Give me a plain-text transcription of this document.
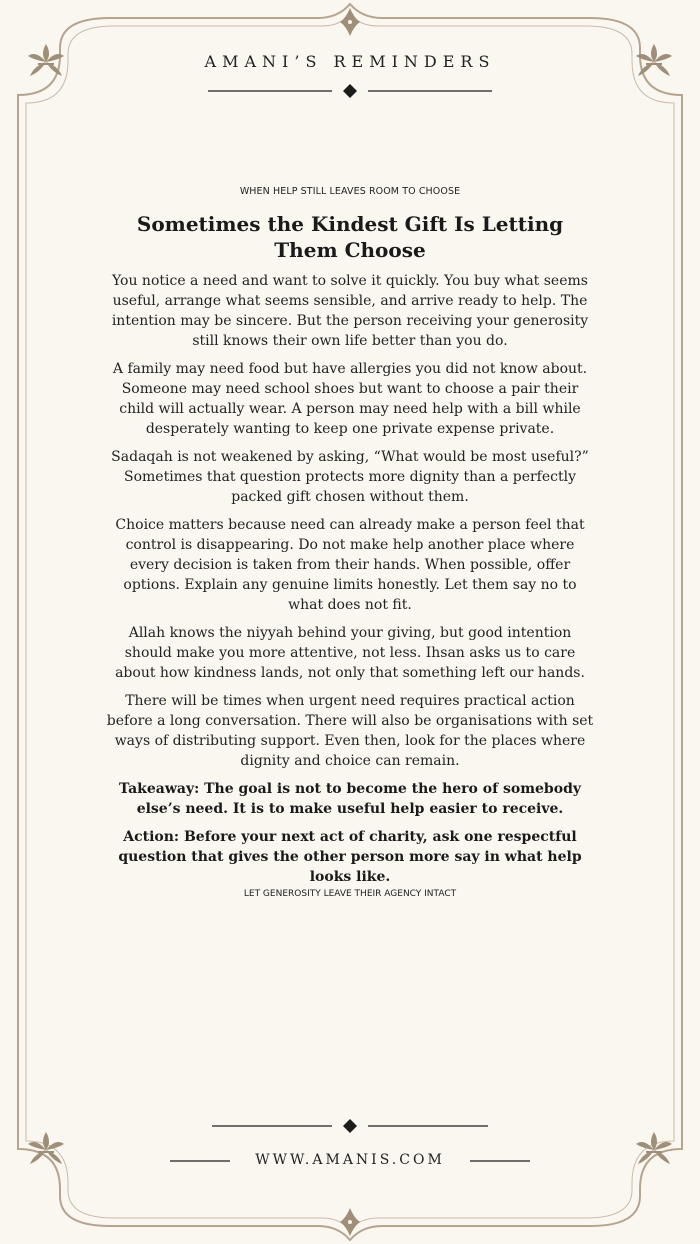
AMANI’S REMINDERS
WHEN HELP STILL LEAVES ROOM TO CHOOSE
Sometimes the Kindest Gift Is Letting Them Choose

You notice a need and want to solve it quickly. You buy what seems useful, arrange what seems sensible, and arrive ready to help. The intention may be sincere. But the person receiving your generosity still knows their own life better than you do.

A family may need food but have allergies you did not know about. Someone may need school shoes but want to choose a pair their child will actually wear. A person may need help with a bill while desperately wanting to keep one private expense private.

Sadaqah is not weakened by asking, “What would be most useful?” Sometimes that question protects more dignity than a perfectly packed gift chosen without them.

Choice matters because need can already make a person feel that control is disappearing. Do not make help another place where every decision is taken from their hands. When possible, offer options. Explain any genuine limits honestly. Let them say no to what does not fit.

Allah knows the niyyah behind your giving, but good intention should make you more attentive, not less. Ihsan asks us to care about how kindness lands, not only that something left our hands.

There will be times when urgent need requires practical action before a long conversation. There will also be organisations with set ways of distributing support. Even then, look for the places where dignity and choice can remain.

Takeaway: The goal is not to become the hero of somebody else’s need. It is to make useful help easier to receive.

Action: Before your next act of charity, ask one respectful question that gives the other person more say in what help looks like.

LET GENEROSITY LEAVE THEIR AGENCY INTACT
WWW.AMANIS.COM
